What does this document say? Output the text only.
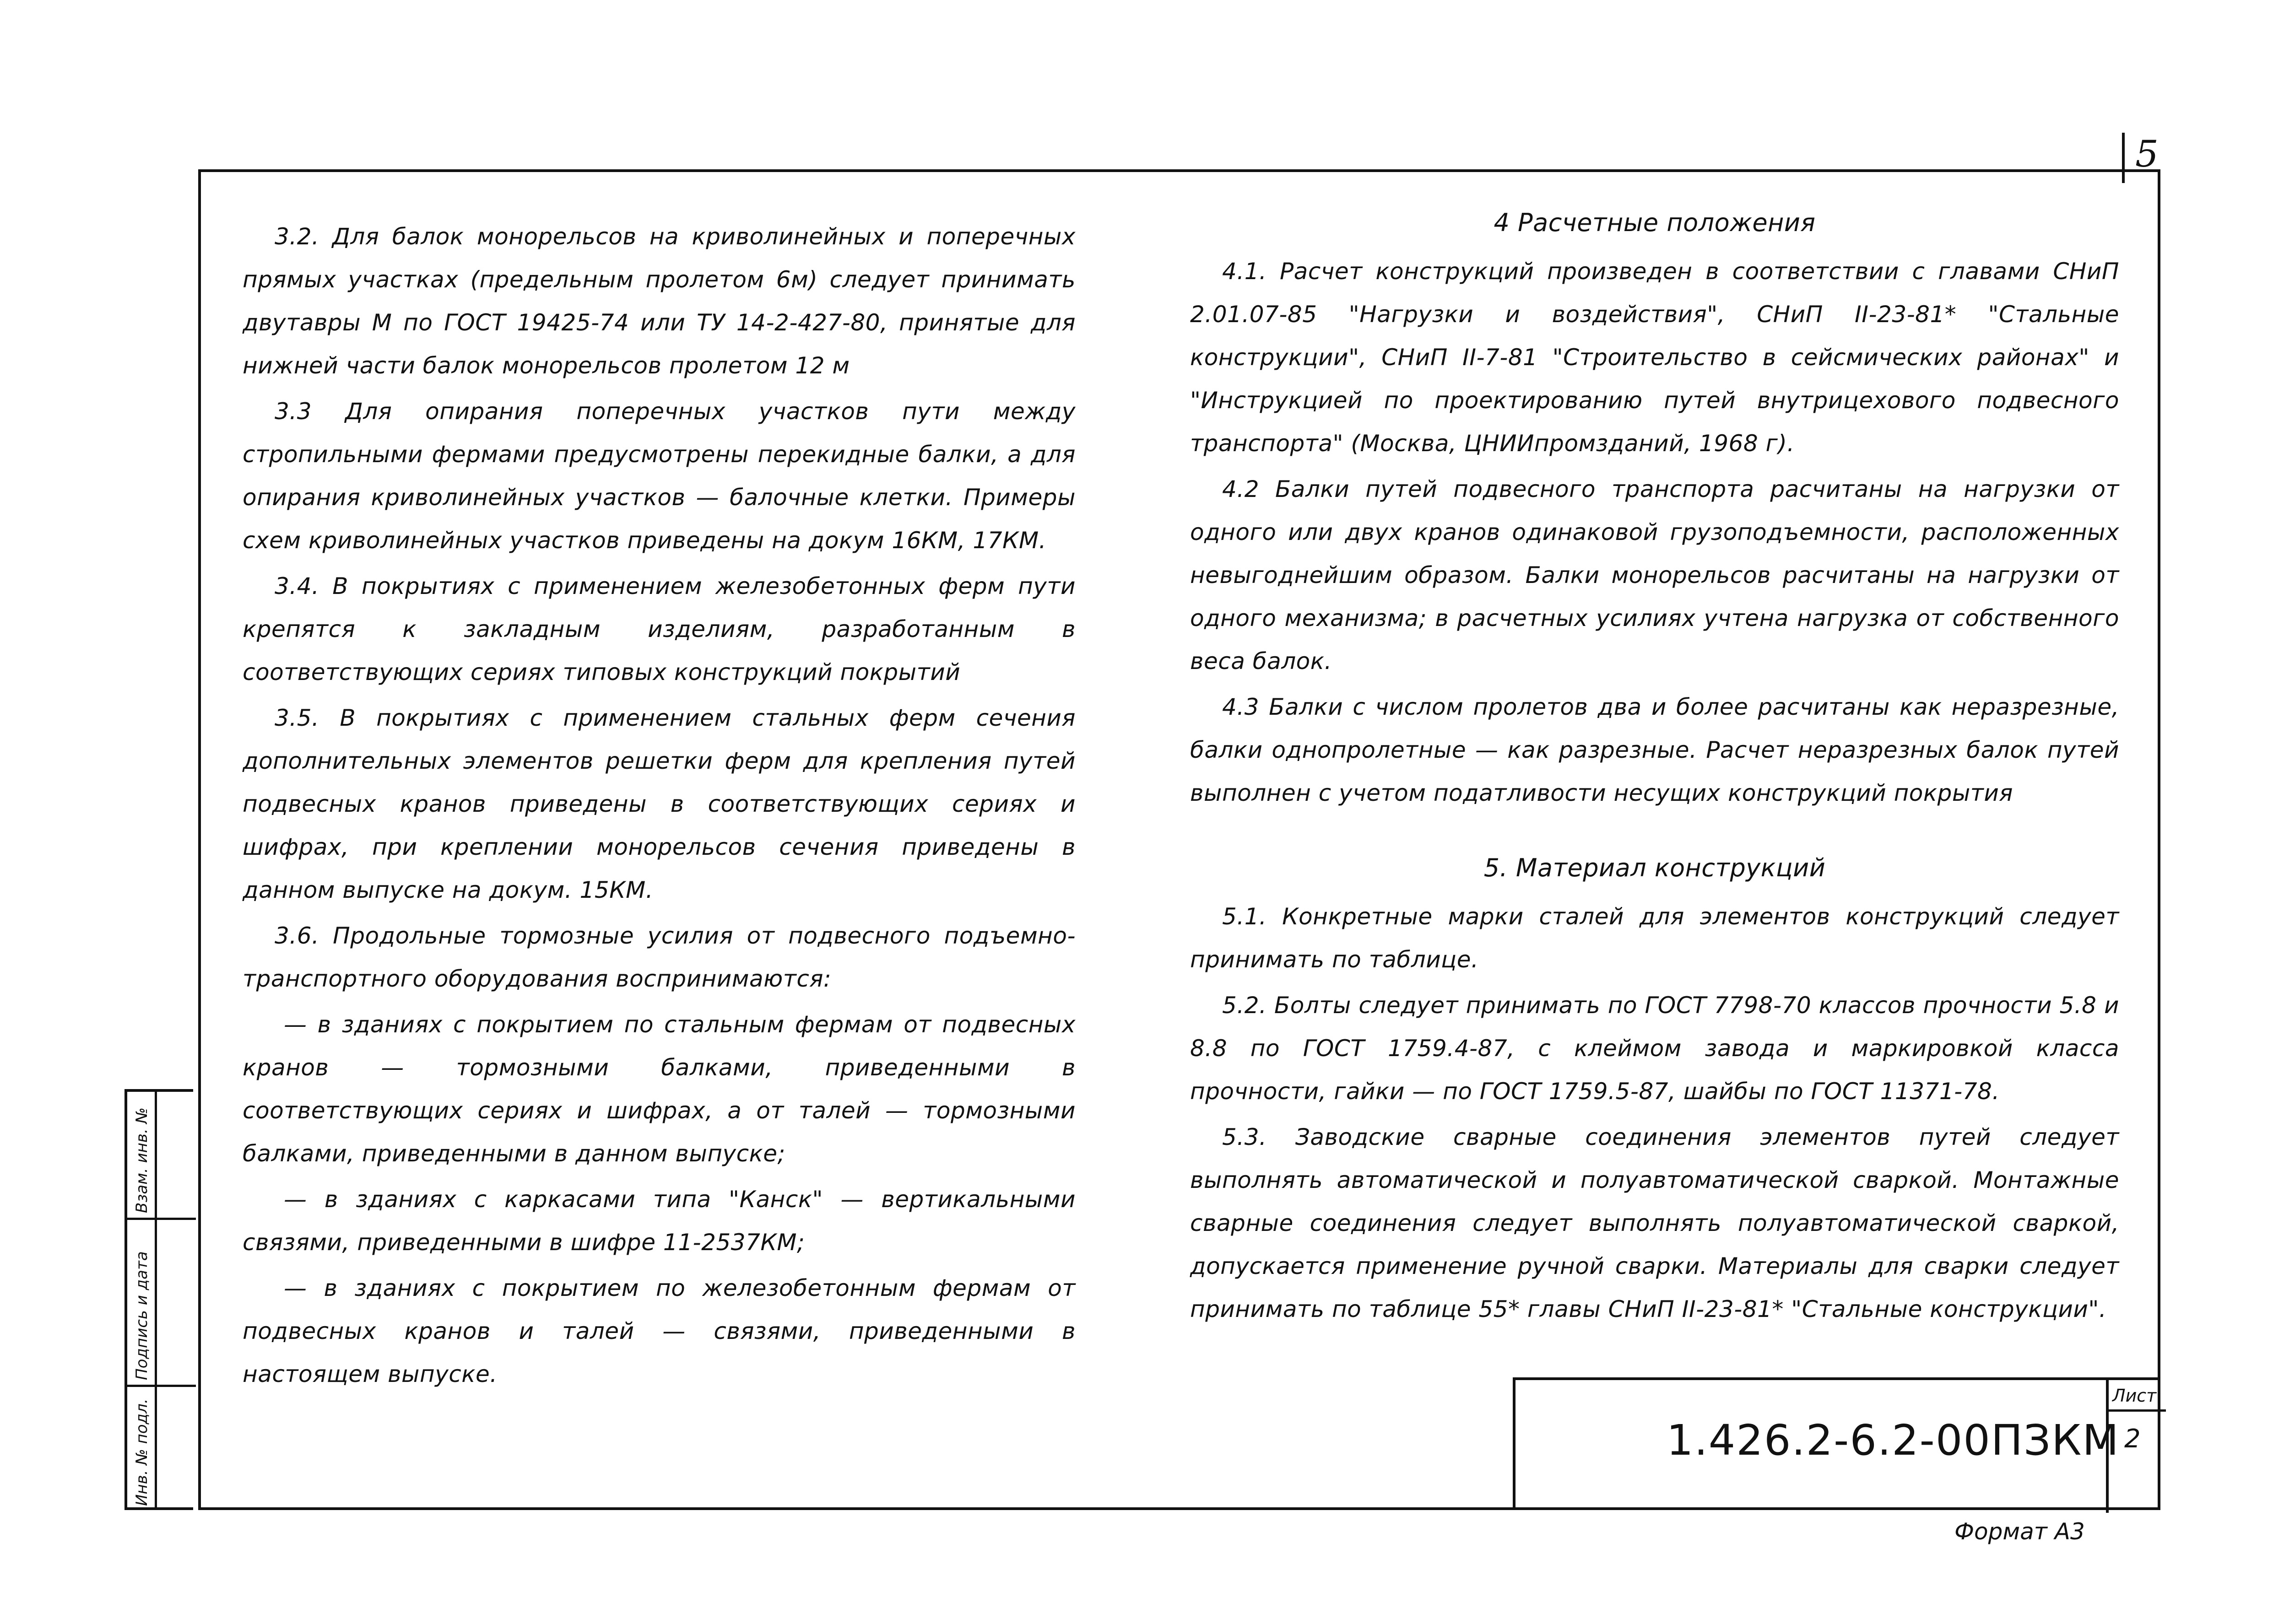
5

3.2. Для балок монорельсов на криволинейных и поперечных прямых участках (предельным пролетом 6м) следует принимать двутавры М по ГОСТ 19425-74 или ТУ 14-2-427-80, принятые для нижней части балок монорельсов пролетом 12 м

3.3 Для опирания поперечных участков пути между стропильными фермами предусмотрены перекидные балки, а для опирания криволинейных участков — балочные клетки. Примеры схем криволинейных участков приведены на докум 16КМ, 17КМ.

3.4. В покрытиях с применением железобетонных ферм пути крепятся к закладным изделиям, разработанным в соответствующих сериях типовых конструкций покрытий

3.5. В покрытиях с применением стальных ферм сечения дополнительных элементов решетки ферм для крепления путей подвесных кранов приведены в соответствующих сериях и шифрах, при креплении монорельсов сечения приведены в данном выпуске на докум. 15КМ.

3.6. Продольные тормозные усилия от подвесного подъемно-транспортного оборудования воспринимаются:

— в зданиях с покрытием по стальным фермам от подвесных кранов — тормозными балками, приведенными в соответствующих сериях и шифрах, а от талей — тормозными балками, приведенными в данном выпуске;

— в зданиях с каркасами типа "Канск" — вертикальными связями, приведенными в шифре 11-2537КМ;

— в зданиях с покрытием по железобетонным фермам от подвесных кранов и талей — связями, приведенными в настоящем выпуске.

4 Расчетные положения

4.1. Расчет конструкций произведен в соответствии с главами СНиП 2.01.07-85 "Нагрузки и воздействия", СНиП II-23-81* "Стальные конструкции", СНиП II-7-81 "Строительство в сейсмических районах" и "Инструкцией по проектированию путей внутрицехового подвесного транспорта" (Москва, ЦНИИпромзданий, 1968 г).

4.2 Балки путей подвесного транспорта расчитаны на нагрузки от одного или двух кранов одинаковой грузоподъемности, расположенных невыгоднейшим образом. Балки монорельсов расчитаны на нагрузки от одного механизма; в расчетных усилиях учтена нагрузка от собственного веса балок.

4.3 Балки с числом пролетов два и более расчитаны как неразрезные, балки однопролетные — как разрезные. Расчет неразрезных балок путей выполнен с учетом податливости несущих конструкций покрытия

5. Материал конструкций

5.1. Конкретные марки сталей для элементов конструкций следует принимать по таблице.

5.2. Болты следует принимать по ГОСТ 7798-70 классов прочности 5.8 и 8.8 по ГОСТ 1759.4-87, с клеймом завода и маркировкой класса прочности, гайки — по ГОСТ 1759.5-87, шайбы по ГОСТ 11371-78.

5.3. Заводские сварные соединения элементов путей следует выполнять автоматической и полуавтоматической сваркой. Монтажные сварные соединения следует выполнять полуавтоматической сваркой, допускается применение ручной сварки. Материалы для сварки следует принимать по таблице 55* главы СНиП II-23-81* "Стальные конструкции".

Взам. инв. №
Подпись и дата
Инв. № подл.	1.426.2-6.2-00ПЗКМ
Лист
2
Формат А3
